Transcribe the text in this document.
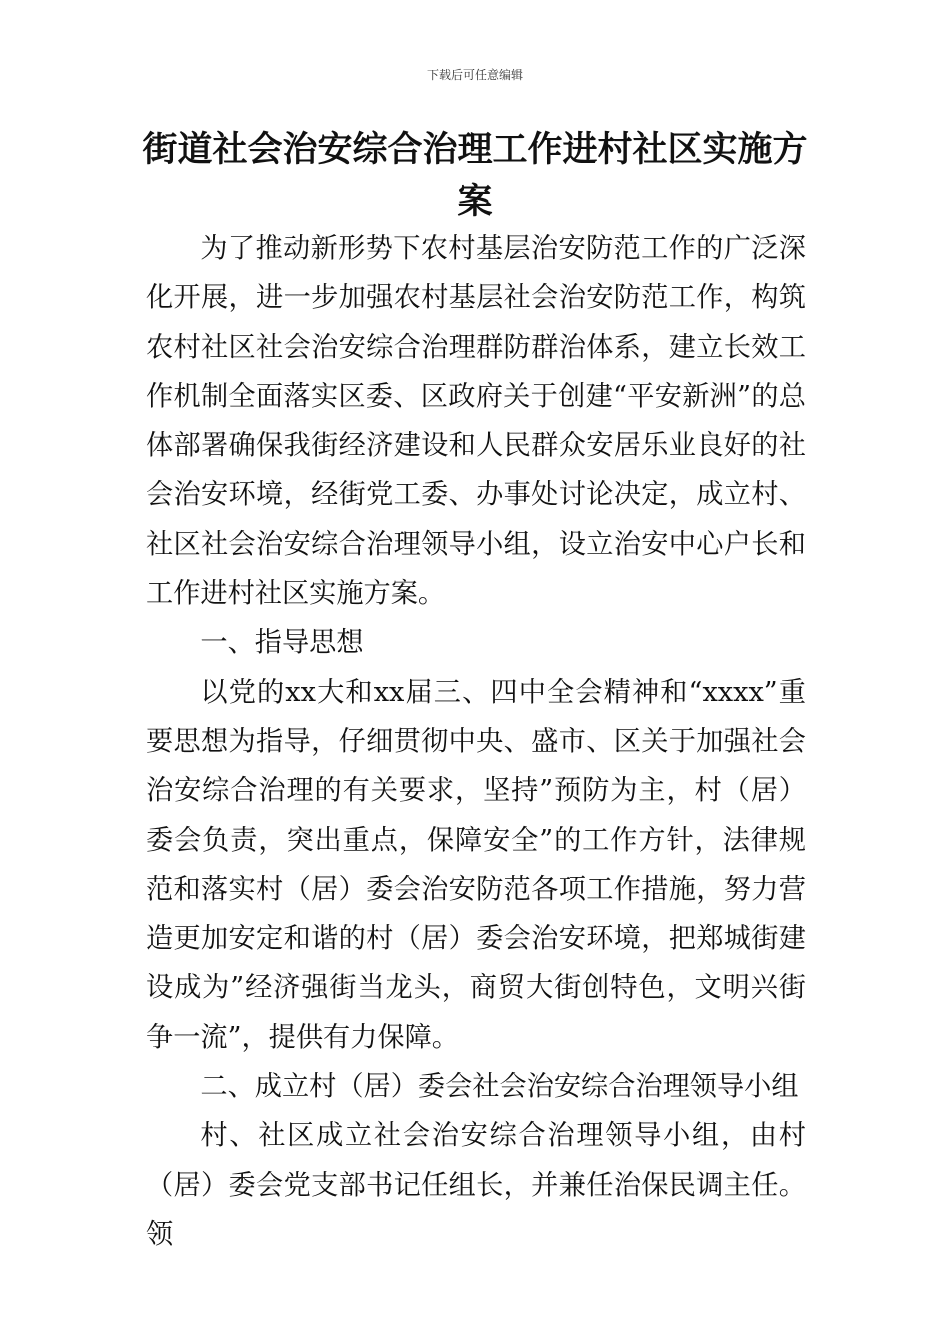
下载后可任意编辑
街道社会治安综合治理工作进村社区实施方案

为了推动新形势下农村基层治安防范工作的广泛深化开展，进一步加强农村基层社会治安防范工作，构筑农村社区社会治安综合治理群防群治体系，建立长效工作机制全面落实区委、区政府关于创建“平安新洲”的总体部署确保我街经济建设和人民群众安居乐业良好的社会治安环境，经街党工委、办事处讨论决定，成立村、社区社会治安综合治理领导小组，设立治安中心户长和工作进村社区实施方案。

一、指导思想

以党的xx大和xx届三、四中全会精神和“xxxx”重要思想为指导，仔细贯彻中央、盛市、区关于加强社会治安综合治理的有关要求，坚持”预防为主，村（居）委会负责，突出重点，保障安全”的工作方针，法律规范和落实村（居）委会治安防范各项工作措施，努力营造更加安定和谐的村（居）委会治安环境，把郑城街建设成为”经济强街当龙头，商贸大街创特色，文明兴街争一流”，提供有力保障。

二、成立村（居）委会社会治安综合治理领导小组

村、社区成立社会治安综合治理领导小组，由村（居）委会党支部书记任组长，并兼任治保民调主任。领
